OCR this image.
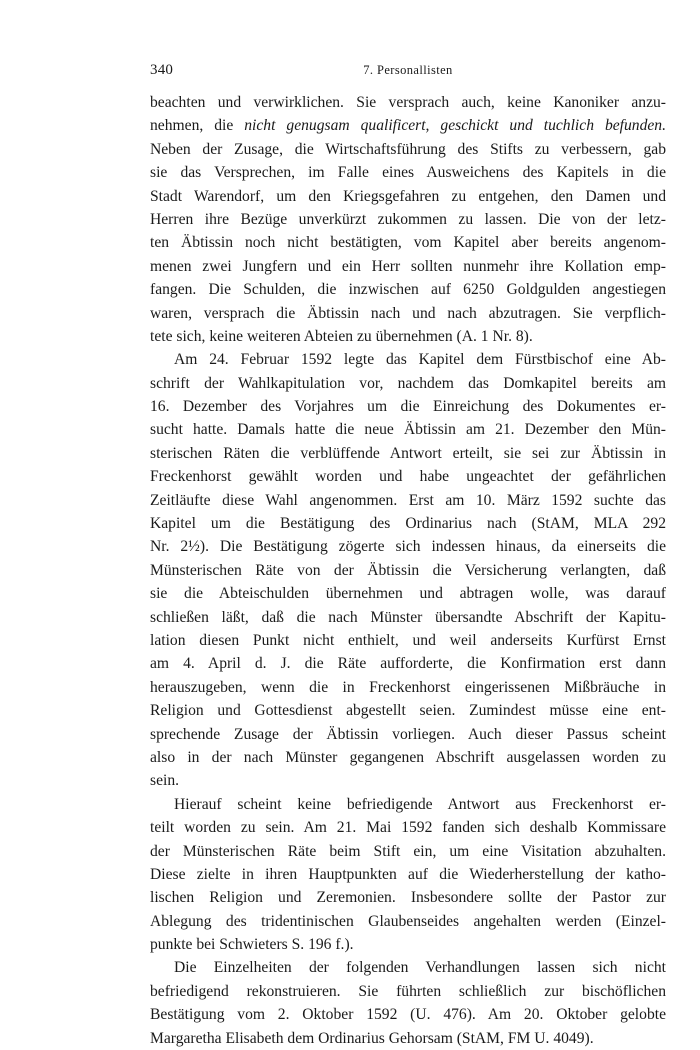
340	7. Personallisten

beachten und verwirklichen. Sie versprach auch, keine Kanoniker anzu-
nehmen, die nicht genugsam qualificert, geschickt und tuchlich befunden.
Neben der Zusage, die Wirtschaftsführung des Stifts zu verbessern, gab
sie das Versprechen, im Falle eines Ausweichens des Kapitels in die
Stadt Warendorf, um den Kriegsgefahren zu entgehen, den Damen und
Herren ihre Bezüge unverkürzt zukommen zu lassen. Die von der letz-
ten Äbtissin noch nicht bestätigten, vom Kapitel aber bereits angenom-
menen zwei Jungfern und ein Herr sollten nunmehr ihre Kollation emp-
fangen. Die Schulden, die inzwischen auf 6250 Goldgulden angestiegen
waren, versprach die Äbtissin nach und nach abzutragen. Sie verpflich-
tete sich, keine weiteren Abteien zu übernehmen (A. 1 Nr. 8).

Am 24. Februar 1592 legte das Kapitel dem Fürstbischof eine Ab-
schrift der Wahlkapitulation vor, nachdem das Domkapitel bereits am
16. Dezember des Vorjahres um die Einreichung des Dokumentes er-
sucht hatte. Damals hatte die neue Äbtissin am 21. Dezember den Mün-
sterischen Räten die verblüffende Antwort erteilt, sie sei zur Äbtissin in
Freckenhorst gewählt worden und habe ungeachtet der gefährlichen
Zeitläufte diese Wahl angenommen. Erst am 10. März 1592 suchte das
Kapitel um die Bestätigung des Ordinarius nach (StAM, MLA 292
Nr. 2½). Die Bestätigung zögerte sich indessen hinaus, da einerseits die
Münsterischen Räte von der Äbtissin die Versicherung verlangten, daß
sie die Abteischulden übernehmen und abtragen wolle, was darauf
schließen läßt, daß die nach Münster übersandte Abschrift der Kapitu-
lation diesen Punkt nicht enthielt, und weil anderseits Kurfürst Ernst
am 4. April d. J. die Räte aufforderte, die Konfirmation erst dann
herauszugeben, wenn die in Freckenhorst eingerissenen Mißbräuche in
Religion und Gottesdienst abgestellt seien. Zumindest müsse eine ent-
sprechende Zusage der Äbtissin vorliegen. Auch dieser Passus scheint
also in der nach Münster gegangenen Abschrift ausgelassen worden zu
sein.

Hierauf scheint keine befriedigende Antwort aus Freckenhorst er-
teilt worden zu sein. Am 21. Mai 1592 fanden sich deshalb Kommissare
der Münsterischen Räte beim Stift ein, um eine Visitation abzuhalten.
Diese zielte in ihren Hauptpunkten auf die Wiederherstellung der katho-
lischen Religion und Zeremonien. Insbesondere sollte der Pastor zur
Ablegung des tridentinischen Glaubenseides angehalten werden (Einzel-
punkte bei Schwieters S. 196 f.).

Die Einzelheiten der folgenden Verhandlungen lassen sich nicht
befriedigend rekonstruieren. Sie führten schließlich zur bischöflichen
Bestätigung vom 2. Oktober 1592 (U. 476). Am 20. Oktober gelobte
Margaretha Elisabeth dem Ordinarius Gehorsam (StAM, FM U. 4049).
